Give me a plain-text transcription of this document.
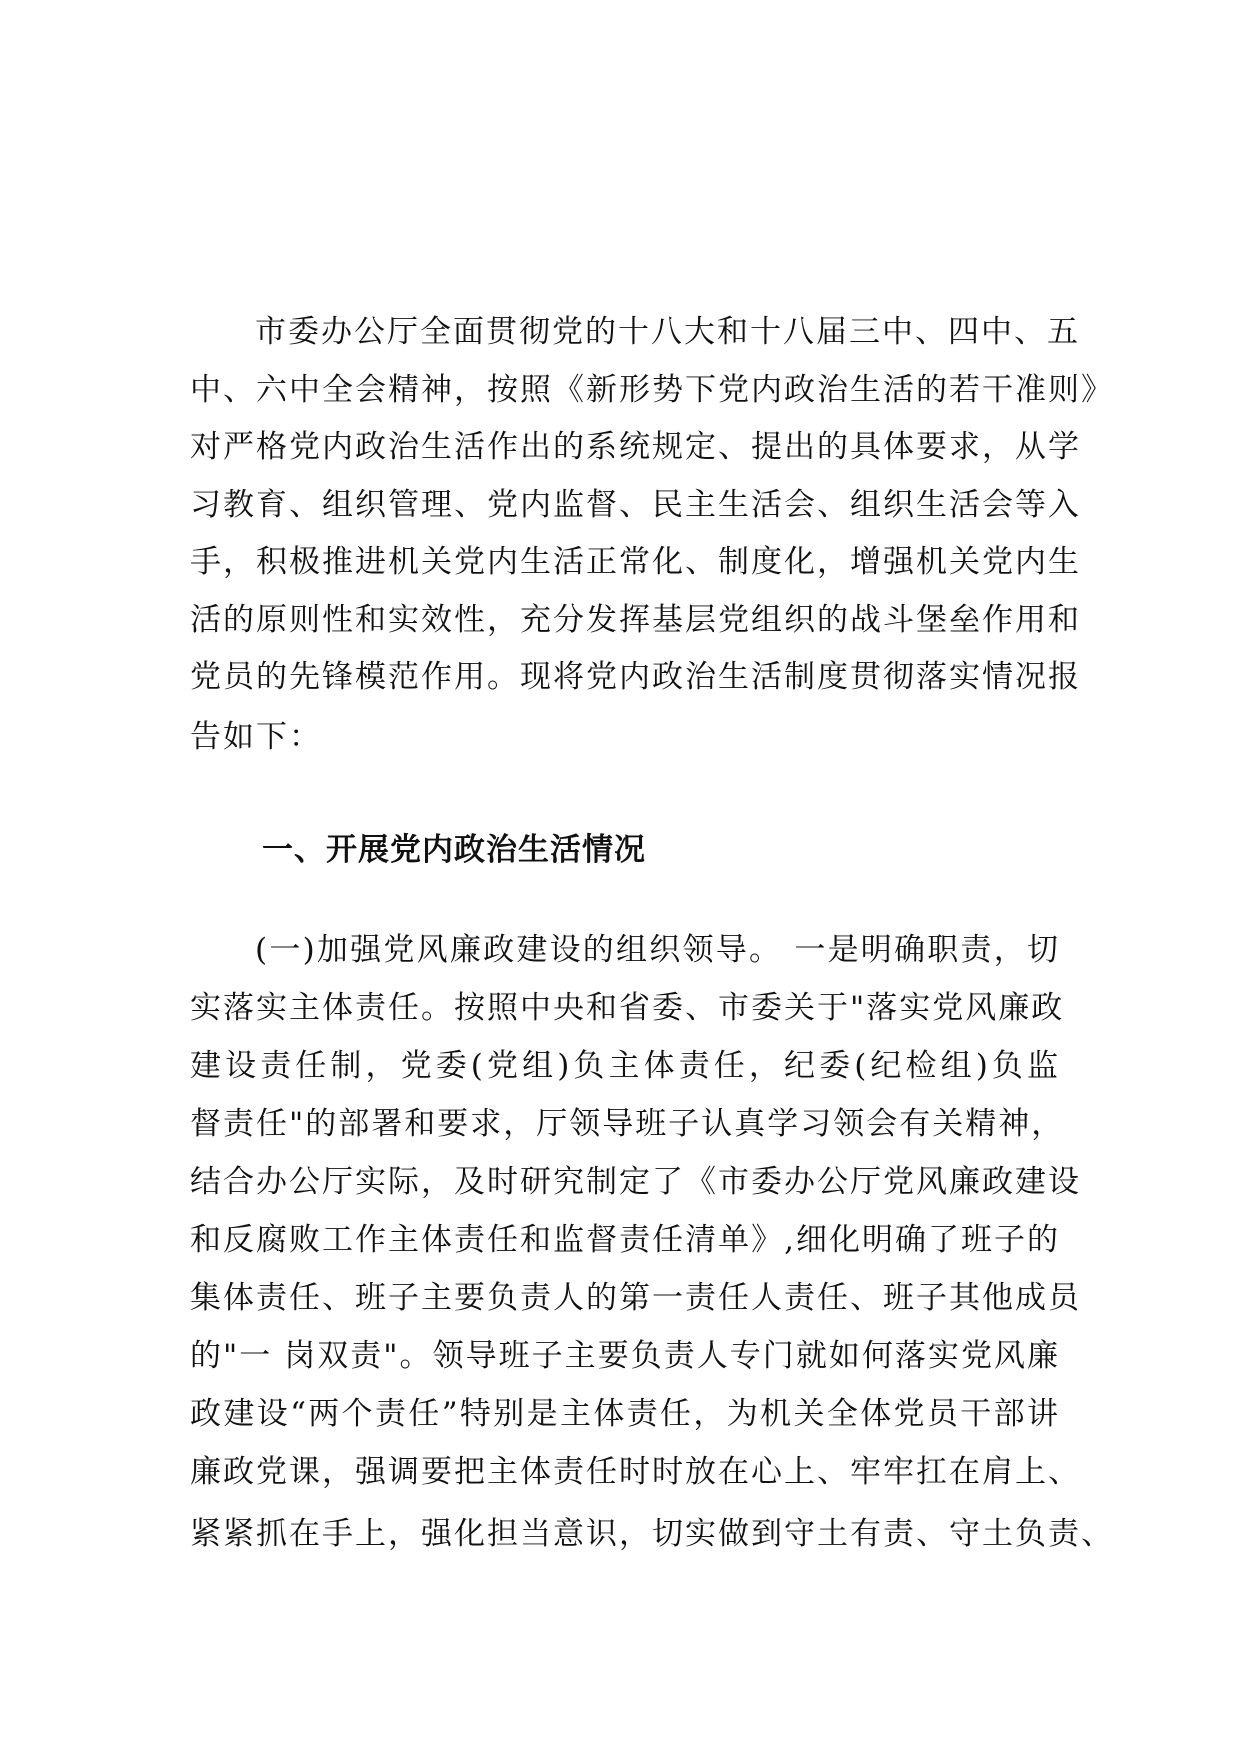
市委办公厅全面贯彻党的十八大和十八届三中、四中、五
中、六中全会精神，按照《新形势下党内政治生活的若干准则》
对严格党内政治生活作出的系统规定、提出的具体要求，从学
习教育、组织管理、党内监督、民主生活会、组织生活会等入
手，积极推进机关党内生活正常化、制度化，增强机关党内生
活的原则性和实效性，充分发挥基层党组织的战斗堡垒作用和
党员的先锋模范作用。现将党内政治生活制度贯彻落实情况报
告如下：
一、开展党内政治生活情况
(一)加强党风廉政建设的组织领导。 一是明确职责，切
实落实主体责任。按照中央和省委、市委关于"落实党风廉政
建设责任制，党委(党组)负主体责任，纪委(纪检组)负监
督责任"的部署和要求，厅领导班子认真学习领会有关精神，
结合办公厅实际，及时研究制定了《市委办公厅党风廉政建设
和反腐败工作主体责任和监督责任清单》,细化明确了班子的
集体责任、班子主要负责人的第一责任人责任、班子其他成员
的"一 岗双责"。领导班子主要负责人专门就如何落实党风廉
政建设“两个责任”特别是主体责任，为机关全体党员干部讲
廉政党课，强调要把主体责任时时放在心上、牢牢扛在肩上、
紧紧抓在手上，强化担当意识，切实做到守土有责、守土负责、
